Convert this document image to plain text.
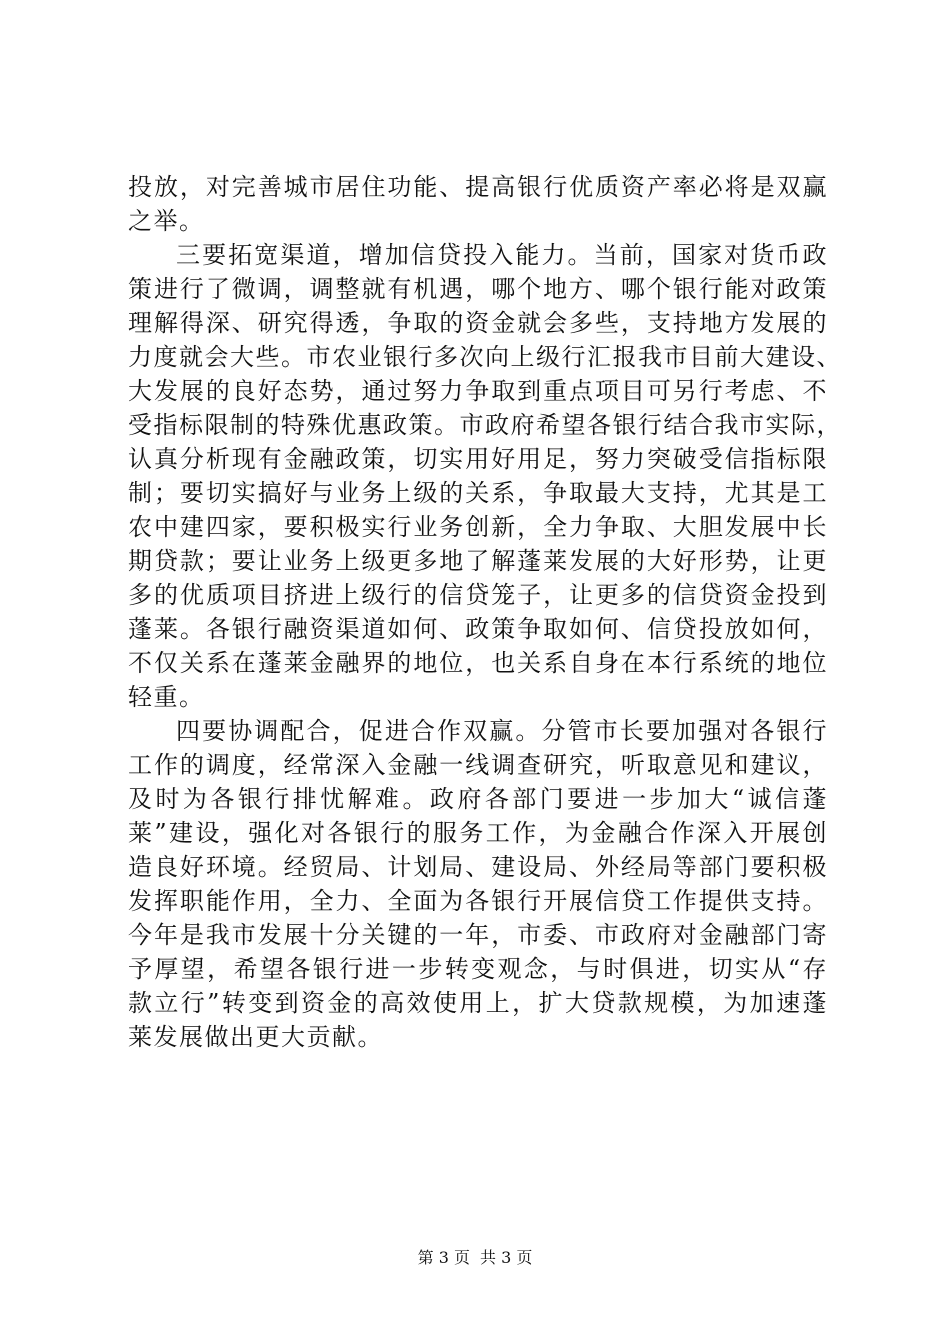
投放，对完善城市居住功能、提高银行优质资产率必将是双赢
之举。
三要拓宽渠道，增加信贷投入能力。当前，国家对货币政
策进行了微调，调整就有机遇，哪个地方、哪个银行能对政策
理解得深、研究得透，争取的资金就会多些，支持地方发展的
力度就会大些。市农业银行多次向上级行汇报我市目前大建设、
大发展的良好态势，通过努力争取到重点项目可另行考虑、不
受指标限制的特殊优惠政策。市政府希望各银行结合我市实际，
认真分析现有金融政策，切实用好用足，努力突破受信指标限
制；要切实搞好与业务上级的关系，争取最大支持，尤其是工
农中建四家，要积极实行业务创新，全力争取、大胆发展中长
期贷款；要让业务上级更多地了解蓬莱发展的大好形势，让更
多的优质项目挤进上级行的信贷笼子，让更多的信贷资金投到
蓬莱。各银行融资渠道如何、政策争取如何、信贷投放如何，
不仅关系在蓬莱金融界的地位，也关系自身在本行系统的地位
轻重。
四要协调配合，促进合作双赢。分管市长要加强对各银行
工作的调度，经常深入金融一线调查研究，听取意见和建议，
及时为各银行排忧解难。政府各部门要进一步加大“诚信蓬
莱”建设，强化对各银行的服务工作，为金融合作深入开展创
造良好环境。经贸局、计划局、建设局、外经局等部门要积极
发挥职能作用，全力、全面为各银行开展信贷工作提供支持。
今年是我市发展十分关键的一年，市委、市政府对金融部门寄
予厚望，希望各银行进一步转变观念，与时俱进，切实从“存
款立行”转变到资金的高效使用上，扩大贷款规模，为加速蓬
莱发展做出更大贡献。
第 3 页 共 3 页
